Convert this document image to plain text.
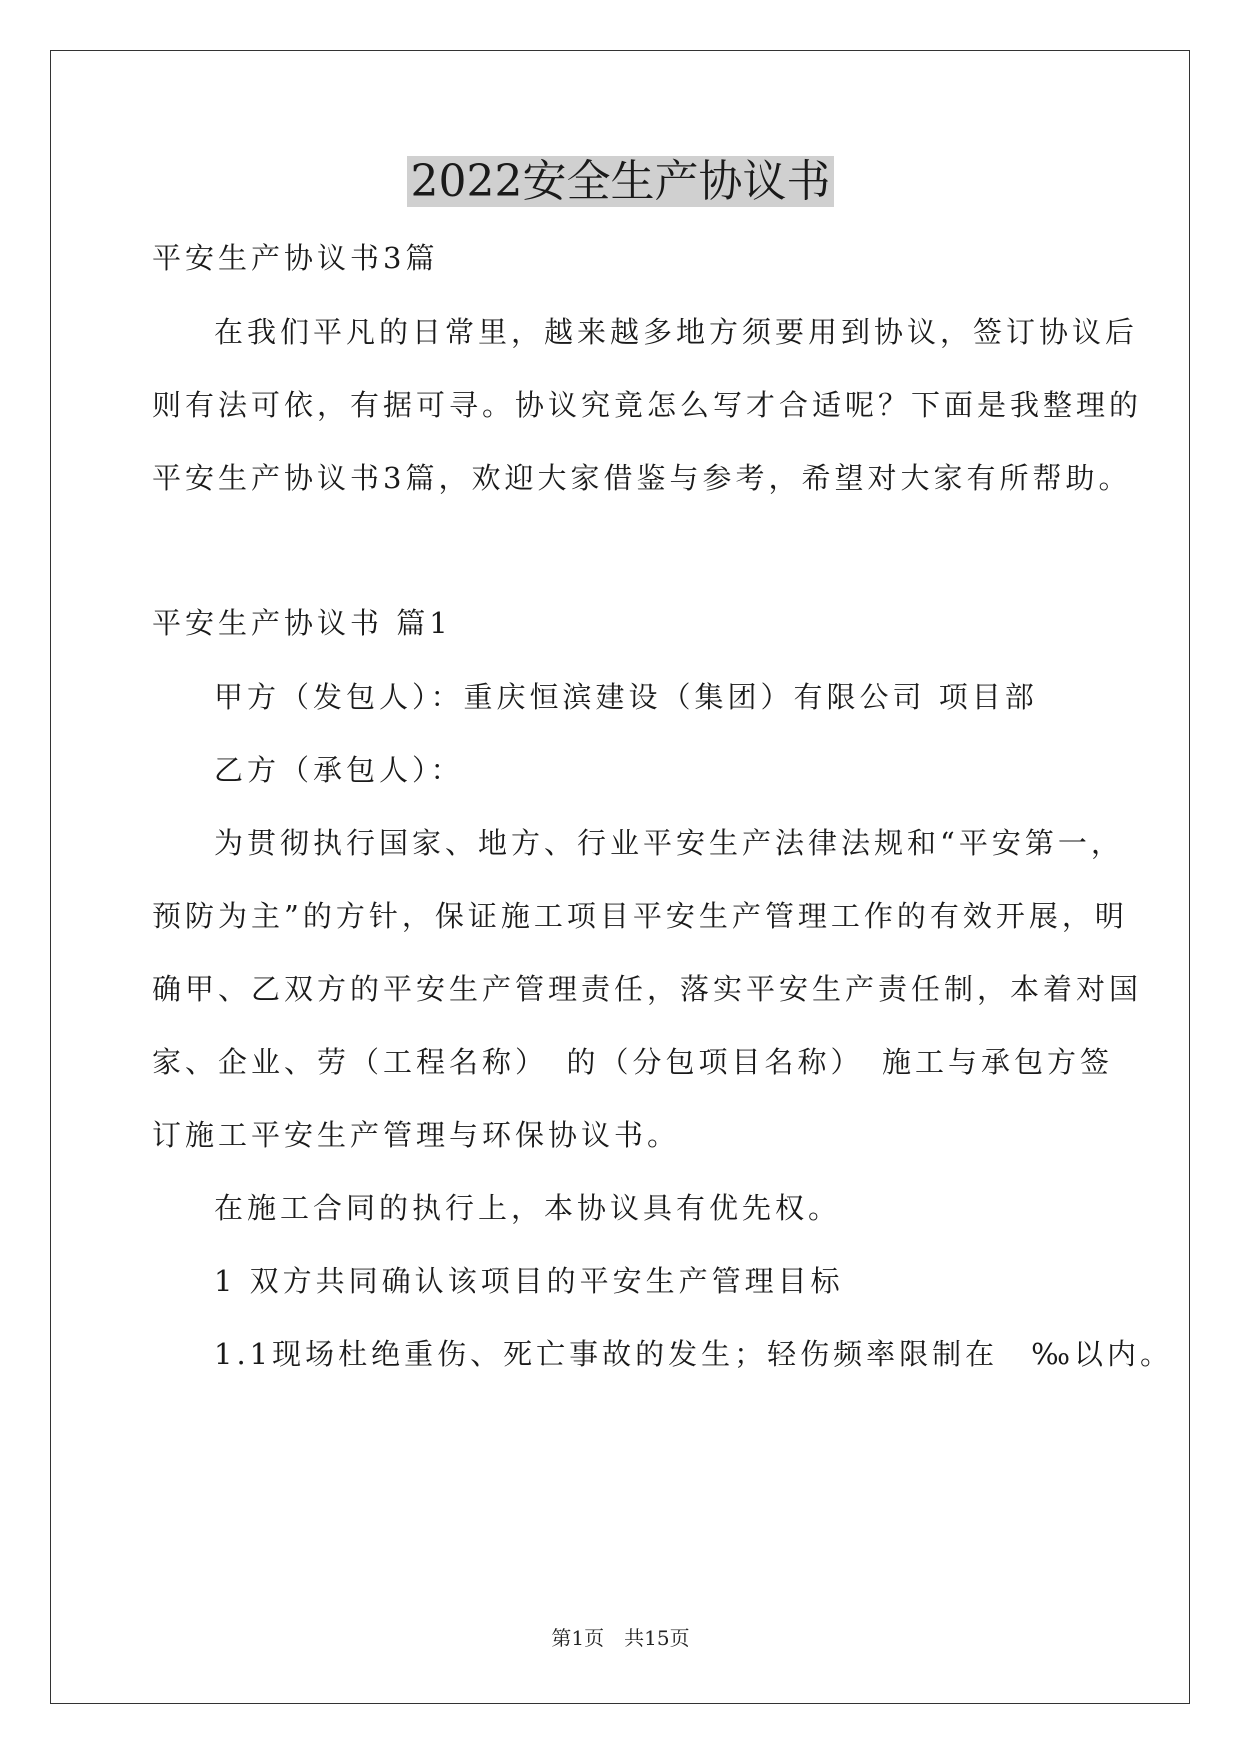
2022安全生产协议书
平安生产协议书3篇
在我们平凡的日常里，越来越多地方须要用到协议，签订协议后
则有法可依，有据可寻。协议究竟怎么写才合适呢？下面是我整理的
平安生产协议书3篇，欢迎大家借鉴与参考，希望对大家有所帮助。
平安生产协议书 篇1
甲方（发包人）：重庆恒滨建设（集团）有限公司 项目部
乙方（承包人）：
为贯彻执行国家、地方、行业平安生产法律法规和“平安第一，
预防为主”的方针，保证施工项目平安生产管理工作的有效开展，明
确甲、乙双方的平安生产管理责任，落实平安生产责任制，本着对国
家、企业、劳（工程名称）　的（分包项目名称）　施工与承包方签
订施工平安生产管理与环保协议书。
在施工合同的执行上，本协议具有优先权。
1 双方共同确认该项目的平安生产管理目标
1.1现场杜绝重伤、死亡事故的发生；轻伤频率限制在　‰以内。
第1页　共15页
